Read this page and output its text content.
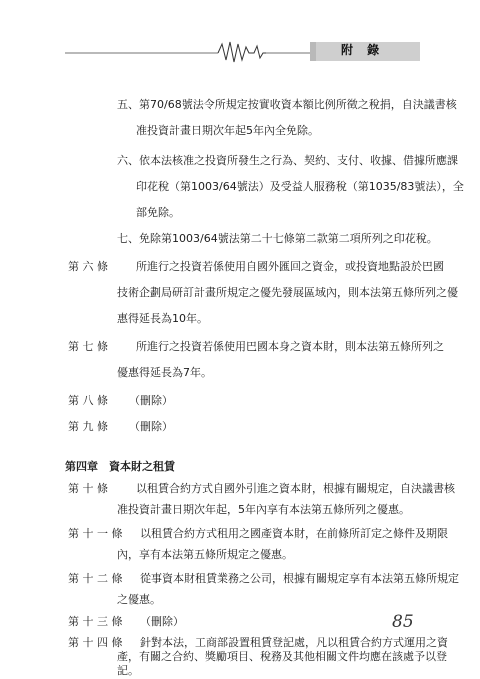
附 錄
五、第70/68號法令所規定按實收資本額比例所徵之稅捐，自決議書核
准投資計畫日期次年起5年內全免除。
六、依本法核准之投資所發生之行為、契約、支付、收據、借據所應課
印花稅（第1003/64號法）及受益人服務稅（第1035/83號法），全
部免除。
七、免除第1003/64號法第二十七條第二款第二項所列之印花稅。
第 六 條	所進行之投資若係使用自國外匯回之資金，或投資地點設於巴國
技術企劃局研訂計畫所規定之優先發展區域內，則本法第五條所列之優
惠得延長為10年。
第 七 條	所進行之投資若係使用巴國本身之資本財，則本法第五條所列之
優惠得延長為7年。
第 八 條 （刪除）
第 九 條 （刪除）
第四章　資本財之租賃
第 十 條	以租賃合約方式自國外引進之資本財，根據有關規定，自決議書核
准投資計畫日期次年起，5年內享有本法第五條所列之優惠。
第 十 一 條 以租賃合約方式租用之國產資本財，在前條所訂定之條件及期限
內，享有本法第五條所規定之優惠。
第 十 二 條 從事資本財租賃業務之公司，根據有關規定享有本法第五條所規定
之優惠。
第 十 三 條 （刪除）
第 十 四 條 針對本法，工商部設置租賃登記處，凡以租賃合約方式運用之資
產，有關之合約、獎勵項目、稅務及其他相關文件均應在該處予以登
記。
85
